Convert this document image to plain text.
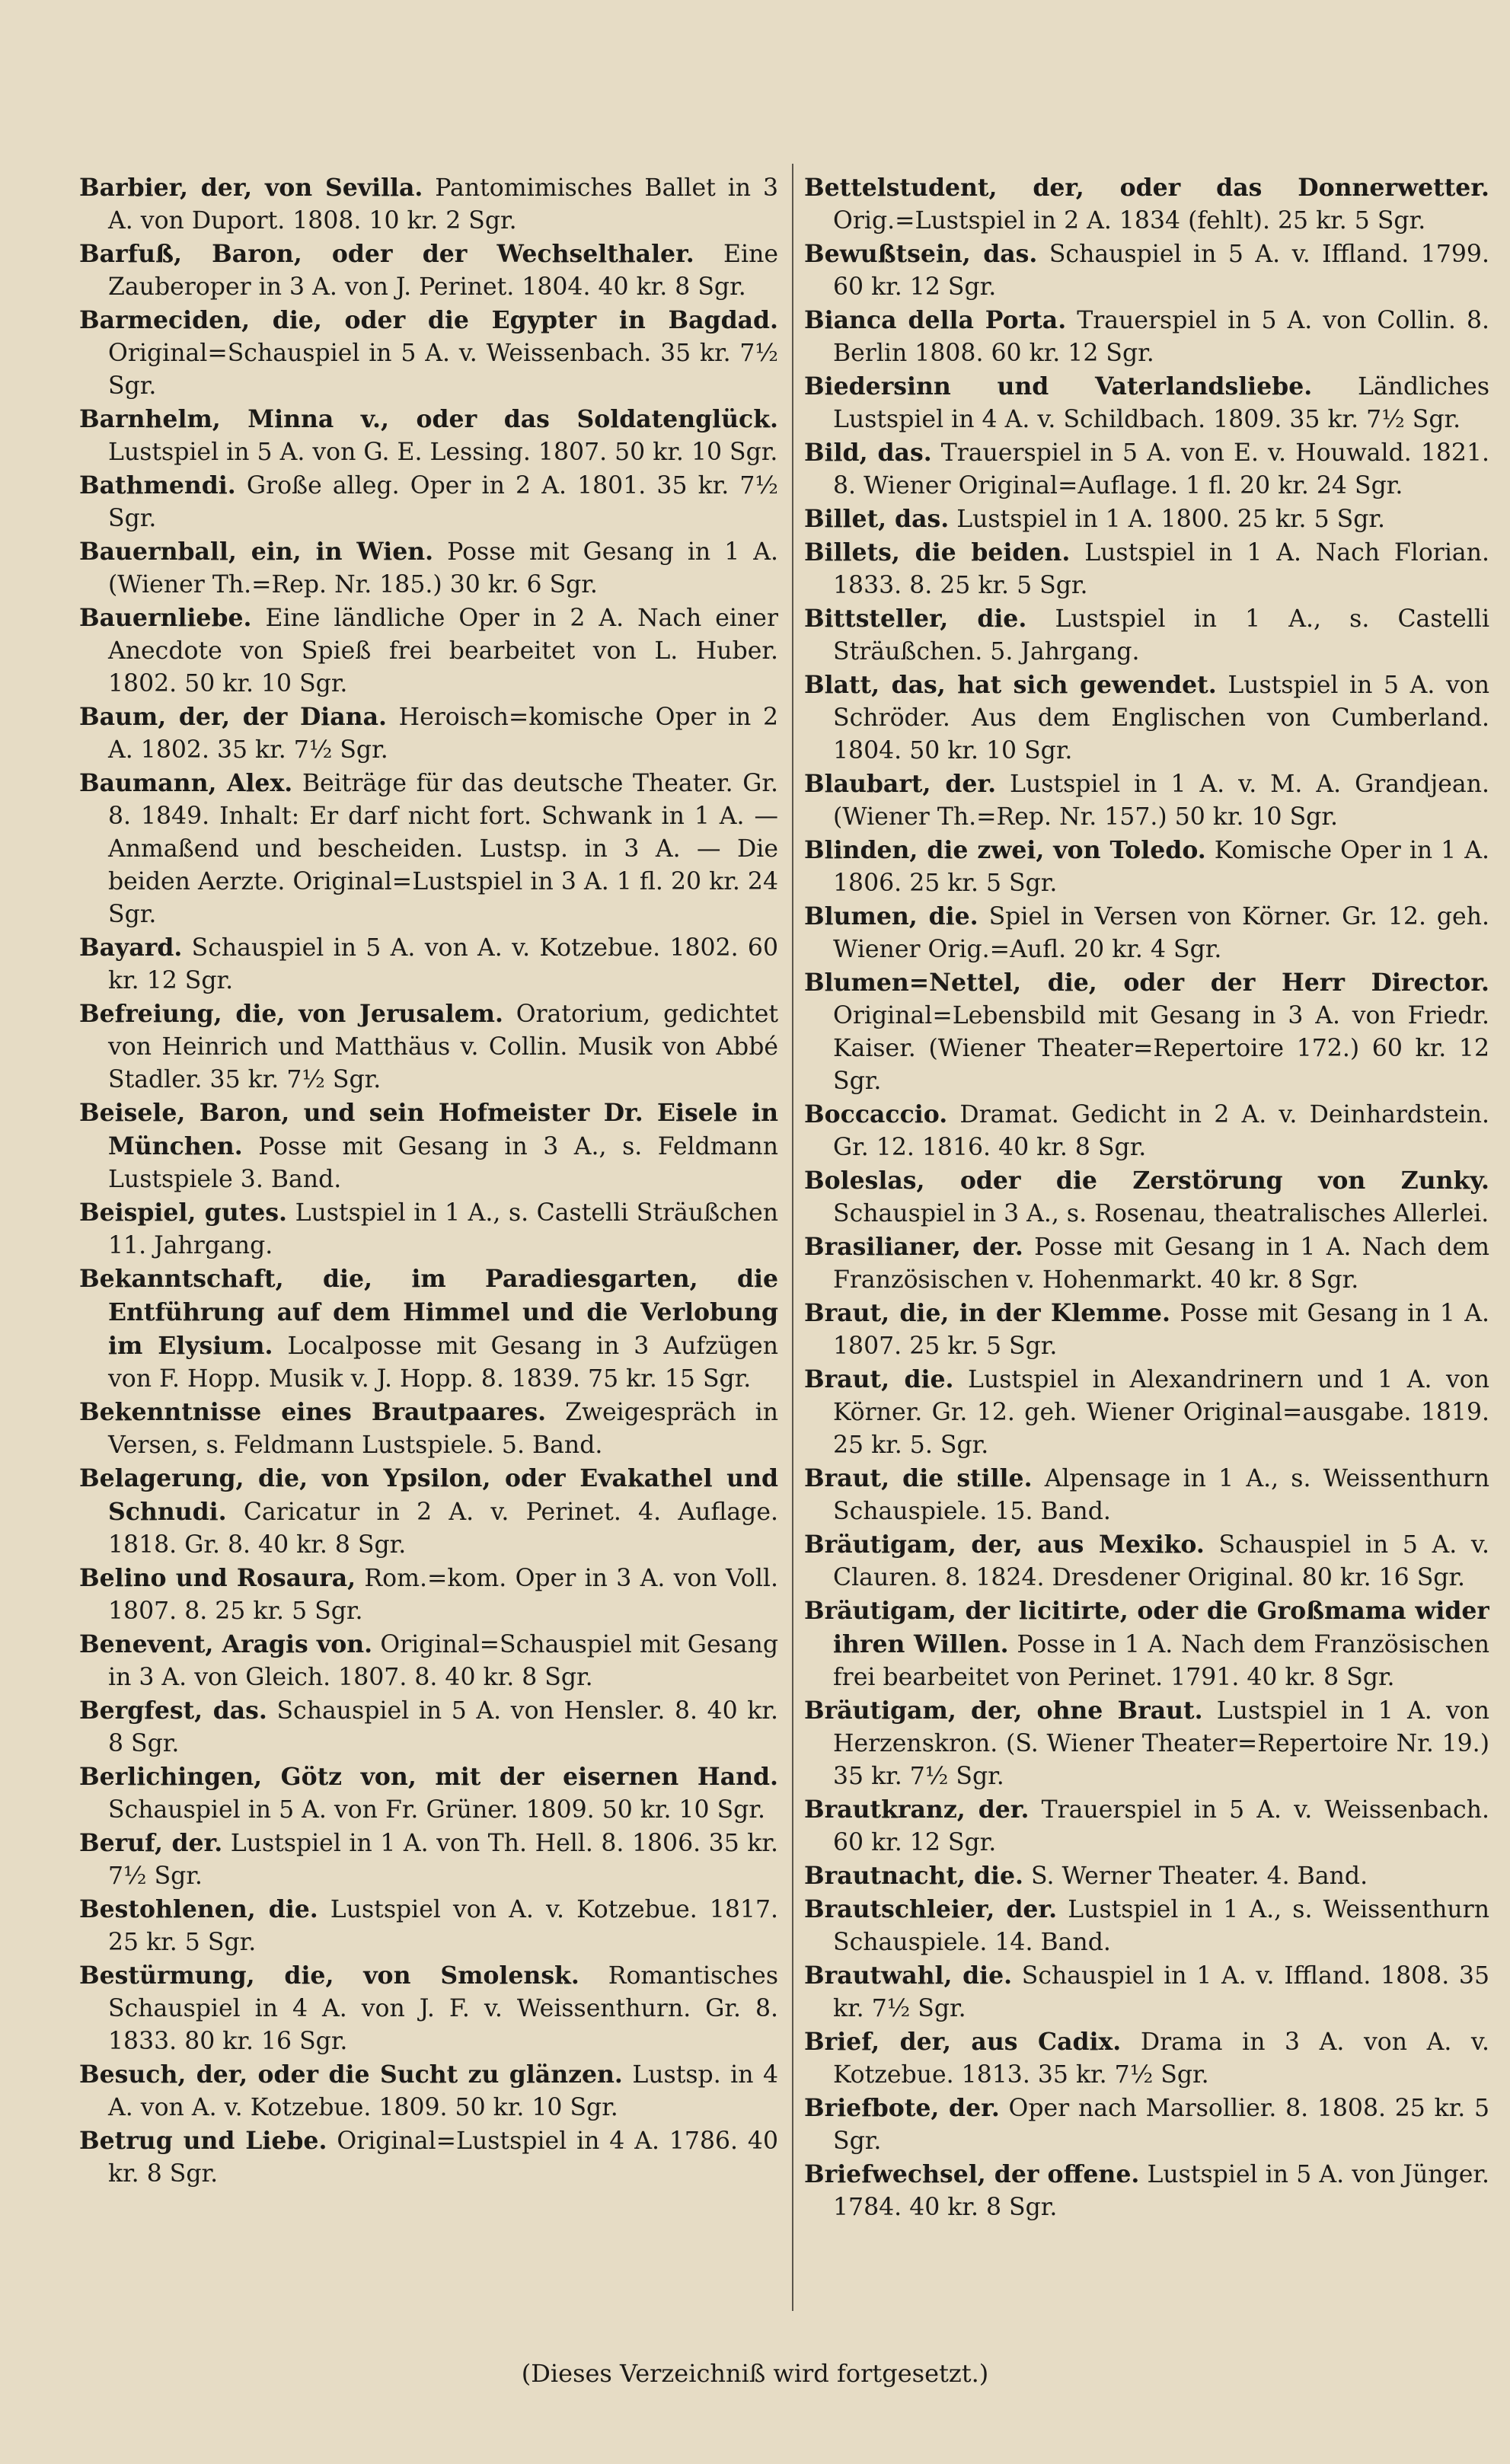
Barbier, der, von Sevilla. Pantomimisches Ballet in 3 A. von Duport. 1808. 10 kr. 2 Sgr.

Barfuß, Baron, oder der Wechselthaler. Eine Zauberoper in 3 A. von J. Perinet. 1804. 40 kr. 8 Sgr.

Barmeciden, die, oder die Egypter in Bagdad. Original=Schauspiel in 5 A. v. Weissenbach. 35 kr. 7½ Sgr.

Barnhelm, Minna v., oder das Soldatenglück. Lustspiel in 5 A. von G. E. Lessing. 1807. 50 kr. 10 Sgr.

Bathmendi. Große alleg. Oper in 2 A. 1801. 35 kr. 7½ Sgr.

Bauernball, ein, in Wien. Posse mit Gesang in 1 A. (Wiener Th.=Rep. Nr. 185.) 30 kr. 6 Sgr.

Bauernliebe. Eine ländliche Oper in 2 A. Nach einer Anecdote von Spieß frei bearbeitet von L. Huber. 1802. 50 kr. 10 Sgr.

Baum, der, der Diana. Heroisch=komische Oper in 2 A. 1802. 35 kr. 7½ Sgr.

Baumann, Alex. Beiträge für das deutsche Theater. Gr. 8. 1849. Inhalt: Er darf nicht fort. Schwank in 1 A. — Anmaßend und bescheiden. Lustsp. in 3 A. — Die beiden Aerzte. Original=Lustspiel in 3 A. 1 fl. 20 kr. 24 Sgr.

Bayard. Schauspiel in 5 A. von A. v. Kotzebue. 1802. 60 kr. 12 Sgr.

Befreiung, die, von Jerusalem. Oratorium, gedichtet von Heinrich und Matthäus v. Collin. Musik von Abbé Stadler. 35 kr. 7½ Sgr.

Beisele, Baron, und sein Hofmeister Dr. Eisele in München. Posse mit Gesang in 3 A., s. Feldmann Lustspiele 3. Band.

Beispiel, gutes. Lustspiel in 1 A., s. Castelli Sträußchen 11. Jahrgang.

Bekanntschaft, die, im Paradiesgarten, die Entführung auf dem Himmel und die Verlobung im Elysium. Localposse mit Gesang in 3 Aufzügen von F. Hopp. Musik v. J. Hopp. 8. 1839. 75 kr. 15 Sgr.

Bekenntnisse eines Brautpaares. Zweigespräch in Versen, s. Feldmann Lustspiele. 5. Band.

Belagerung, die, von Ypsilon, oder Evakathel und Schnudi. Caricatur in 2 A. v. Perinet. 4. Auflage. 1818. Gr. 8. 40 kr. 8 Sgr.

Belino und Rosaura, Rom.=kom. Oper in 3 A. von Voll. 1807. 8. 25 kr. 5 Sgr.

Benevent, Aragis von. Original=Schauspiel mit Gesang in 3 A. von Gleich. 1807. 8. 40 kr. 8 Sgr.

Bergfest, das. Schauspiel in 5 A. von Hensler. 8. 40 kr. 8 Sgr.

Berlichingen, Götz von, mit der eisernen Hand. Schauspiel in 5 A. von Fr. Grüner. 1809. 50 kr. 10 Sgr.

Beruf, der. Lustspiel in 1 A. von Th. Hell. 8. 1806. 35 kr. 7½ Sgr.

Bestohlenen, die. Lustspiel von A. v. Kotzebue. 1817. 25 kr. 5 Sgr.

Bestürmung, die, von Smolensk. Romantisches Schauspiel in 4 A. von J. F. v. Weissenthurn. Gr. 8. 1833. 80 kr. 16 Sgr.

Besuch, der, oder die Sucht zu glänzen. Lustsp. in 4 A. von A. v. Kotzebue. 1809. 50 kr. 10 Sgr.

Betrug und Liebe. Original=Lustspiel in 4 A. 1786. 40 kr. 8 Sgr.

Bettelstudent, der, oder das Donnerwetter. Orig.=Lustspiel in 2 A. 1834 (fehlt). 25 kr. 5 Sgr.

Bewußtsein, das. Schauspiel in 5 A. v. Iffland. 1799. 60 kr. 12 Sgr.

Bianca della Porta. Trauerspiel in 5 A. von Collin. 8. Berlin 1808. 60 kr. 12 Sgr.

Biedersinn und Vaterlandsliebe. Ländliches Lustspiel in 4 A. v. Schildbach. 1809. 35 kr. 7½ Sgr.

Bild, das. Trauerspiel in 5 A. von E. v. Houwald. 1821. 8. Wiener Original=Auflage. 1 fl. 20 kr. 24 Sgr.

Billet, das. Lustspiel in 1 A. 1800. 25 kr. 5 Sgr.

Billets, die beiden. Lustspiel in 1 A. Nach Florian. 1833. 8. 25 kr. 5 Sgr.

Bittsteller, die. Lustspiel in 1 A., s. Castelli Sträußchen. 5. Jahrgang.

Blatt, das, hat sich gewendet. Lustspiel in 5 A. von Schröder. Aus dem Englischen von Cumberland. 1804. 50 kr. 10 Sgr.

Blaubart, der. Lustspiel in 1 A. v. M. A. Grandjean. (Wiener Th.=Rep. Nr. 157.) 50 kr. 10 Sgr.

Blinden, die zwei, von Toledo. Komische Oper in 1 A. 1806. 25 kr. 5 Sgr.

Blumen, die. Spiel in Versen von Körner. Gr. 12. geh. Wiener Orig.=Aufl. 20 kr. 4 Sgr.

Blumen=Nettel, die, oder der Herr Director. Original=Lebensbild mit Gesang in 3 A. von Friedr. Kaiser. (Wiener Theater=Repertoire 172.) 60 kr. 12 Sgr.

Boccaccio. Dramat. Gedicht in 2 A. v. Deinhardstein. Gr. 12. 1816. 40 kr. 8 Sgr.

Boleslas, oder die Zerstörung von Zunky. Schauspiel in 3 A., s. Rosenau, theatralisches Allerlei.

Brasilianer, der. Posse mit Gesang in 1 A. Nach dem Französischen v. Hohenmarkt. 40 kr. 8 Sgr.

Braut, die, in der Klemme. Posse mit Gesang in 1 A. 1807. 25 kr. 5 Sgr.

Braut, die. Lustspiel in Alexandrinern und 1 A. von Körner. Gr. 12. geh. Wiener Original=ausgabe. 1819. 25 kr. 5. Sgr.

Braut, die stille. Alpensage in 1 A., s. Weissenthurn Schauspiele. 15. Band.

Bräutigam, der, aus Mexiko. Schauspiel in 5 A. v. Clauren. 8. 1824. Dresdener Original. 80 kr. 16 Sgr.

Bräutigam, der licitirte, oder die Großmama wider ihren Willen. Posse in 1 A. Nach dem Französischen frei bearbeitet von Perinet. 1791. 40 kr. 8 Sgr.

Bräutigam, der, ohne Braut. Lustspiel in 1 A. von Herzenskron. (S. Wiener Theater=Repertoire Nr. 19.) 35 kr. 7½ Sgr.

Brautkranz, der. Trauerspiel in 5 A. v. Weissenbach. 60 kr. 12 Sgr.

Brautnacht, die. S. Werner Theater. 4. Band.

Brautschleier, der. Lustspiel in 1 A., s. Weissenthurn Schauspiele. 14. Band.

Brautwahl, die. Schauspiel in 1 A. v. Iffland. 1808. 35 kr. 7½ Sgr.

Brief, der, aus Cadix. Drama in 3 A. von A. v. Kotzebue. 1813. 35 kr. 7½ Sgr.

Briefbote, der. Oper nach Marsollier. 8. 1808. 25 kr. 5 Sgr.

Briefwechsel, der offene. Lustspiel in 5 A. von Jünger. 1784. 40 kr. 8 Sgr.

(Dieses Verzeichniß wird fortgesetzt.)
